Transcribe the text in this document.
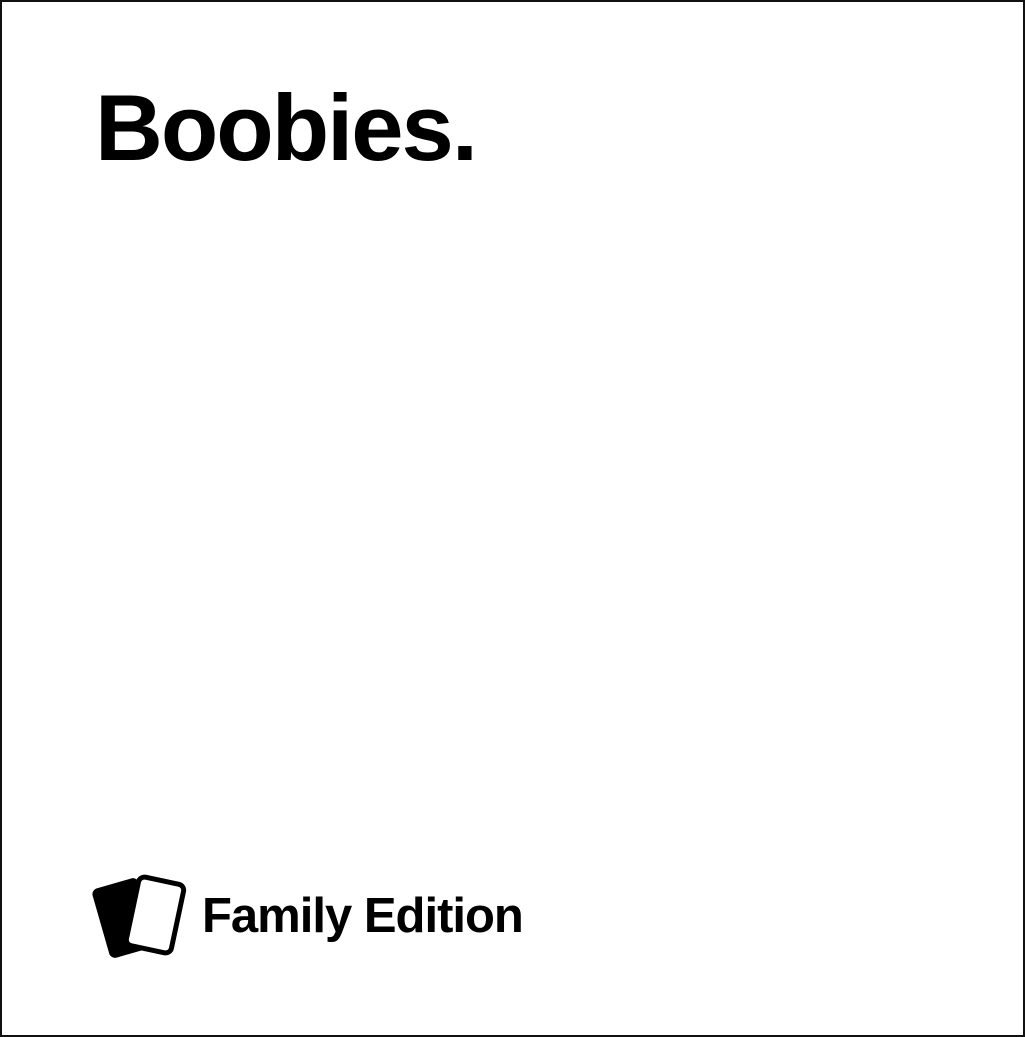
Boobies.
Family Edition
